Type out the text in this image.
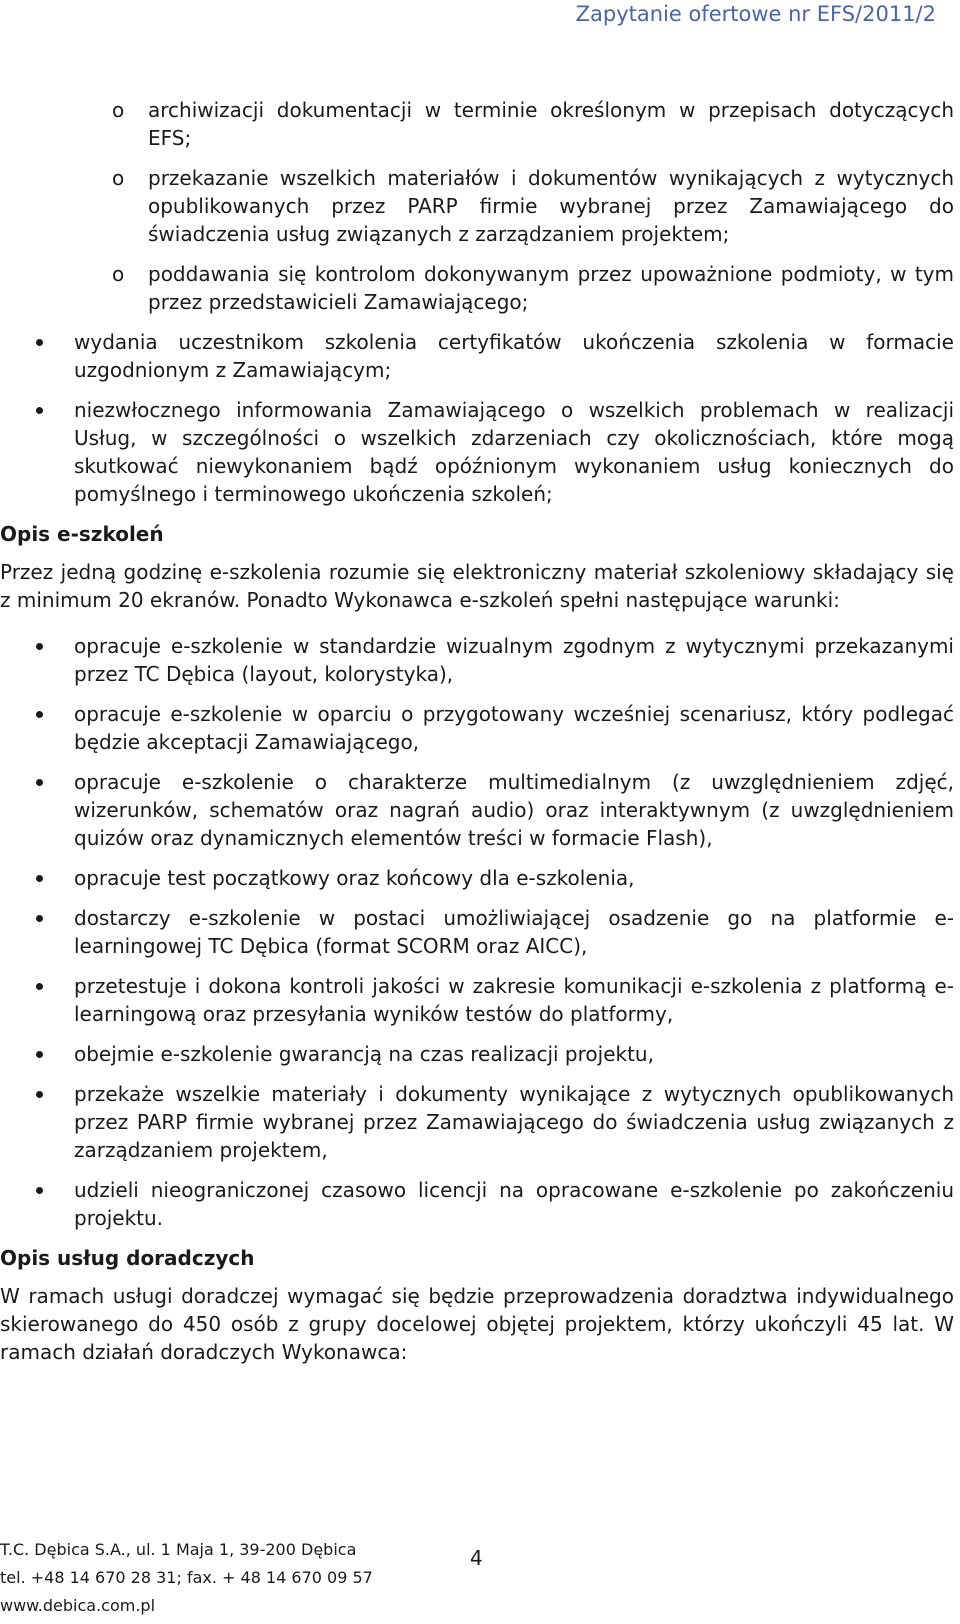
Zapytanie ofertowe nr EFS/2011/2
o archiwizacji dokumentacji w terminie określonym w przepisach dotyczących EFS;
o przekazanie wszelkich materiałów i dokumentów wynikających z wytycznych opublikowanych przez PARP firmie wybranej przez Zamawiającego do świadczenia usług związanych z zarządzaniem projektem;
o poddawania się kontrolom dokonywanym przez upoważnione podmioty, w tym przez przedstawicieli Zamawiającego;
wydania uczestnikom szkolenia certyfikatów ukończenia szkolenia w formacie uzgodnionym z Zamawiającym;
niezwłocznego informowania Zamawiającego o wszelkich problemach w realizacji Usług, w szczególności o wszelkich zdarzeniach czy okolicznościach, które mogą skutkować niewykonaniem bądź opóźnionym wykonaniem usług koniecznych do pomyślnego i terminowego ukończenia szkoleń;
Opis e-szkoleń

Przez jedną godzinę e-szkolenia rozumie się elektroniczny materiał szkoleniowy składający się z minimum 20 ekranów. Ponadto Wykonawca e-szkoleń spełni następujące warunki:

opracuje e-szkolenie w standardzie wizualnym zgodnym z wytycznymi przekazanymi przez TC Dębica (layout, kolorystyka),
opracuje e-szkolenie w oparciu o przygotowany wcześniej scenariusz, który podlegać będzie akceptacji Zamawiającego,
opracuje e-szkolenie o charakterze multimedialnym (z uwzględnieniem zdjęć, wizerunków, schematów oraz nagrań audio) oraz interaktywnym (z uwzględnieniem quizów oraz dynamicznych elementów treści w formacie Flash),
opracuje test początkowy oraz końcowy dla e-szkolenia,
dostarczy e-szkolenie w postaci umożliwiającej osadzenie go na platformie e-learningowej TC Dębica (format SCORM oraz AICC),
przetestuje i dokona kontroli jakości w zakresie komunikacji e-szkolenia z platformą e-learningową oraz przesyłania wyników testów do platformy,
obejmie e-szkolenie gwarancją na czas realizacji projektu,
przekaże wszelkie materiały i dokumenty wynikające z wytycznych opublikowanych przez PARP firmie wybranej przez Zamawiającego do świadczenia usług związanych z zarządzaniem projektem,
udzieli nieograniczonej czasowo licencji na opracowane e-szkolenie po zakończeniu projektu.
Opis usług doradczych

W ramach usługi doradczej wymagać się będzie przeprowadzenia doradztwa indywidualnego skierowanego do 450 osób z grupy docelowej objętej projektem, którzy ukończyli 45 lat. W ramach działań doradczych Wykonawca:

T.C. Dębica S.A., ul. 1 Maja 1, 39-200 Dębica
tel. +48 14 670 28 31; fax. + 48 14 670 09 57
www.debica.com.pl
4
